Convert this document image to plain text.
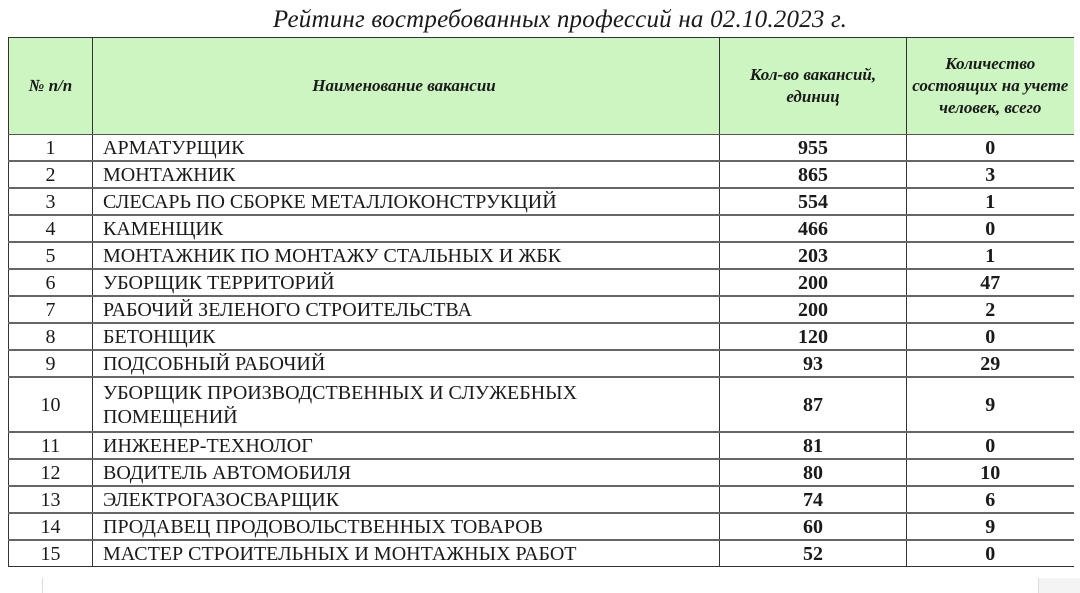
Рейтинг востребованных профессий на 02.10.2023 г.
№ п/п	Наименование вакансии	Кол-во вакансий, единиц	Количество состоящих на учете человек, всего
1	АРМАТУРЩИК	955	0
2	МОНТАЖНИК	865	3
3	СЛЕСАРЬ ПО СБОРКЕ МЕТАЛЛОКОНСТРУКЦИЙ	554	1
4	КАМЕНЩИК	466	0
5	МОНТАЖНИК ПО МОНТАЖУ СТАЛЬНЫХ И ЖБК	203	1
6	УБОРЩИК ТЕРРИТОРИЙ	200	47
7	РАБОЧИЙ ЗЕЛЕНОГО СТРОИТЕЛЬСТВА	200	2
8	БЕТОНЩИК	120	0
9	ПОДСОБНЫЙ РАБОЧИЙ	93	29
10	УБОРЩИК ПРОИЗВОДСТВЕННЫХ И СЛУЖЕБНЫХ ПОМЕЩЕНИЙ	87	9
11	ИНЖЕНЕР-ТЕХНОЛОГ	81	0
12	ВОДИТЕЛЬ АВТОМОБИЛЯ	80	10
13	ЭЛЕКТРОГАЗОСВАРЩИК	74	6
14	ПРОДАВЕЦ ПРОДОВОЛЬСТВЕННЫХ ТОВАРОВ	60	9
15	МАСТЕР СТРОИТЕЛЬНЫХ И МОНТАЖНЫХ РАБОТ	52	0
